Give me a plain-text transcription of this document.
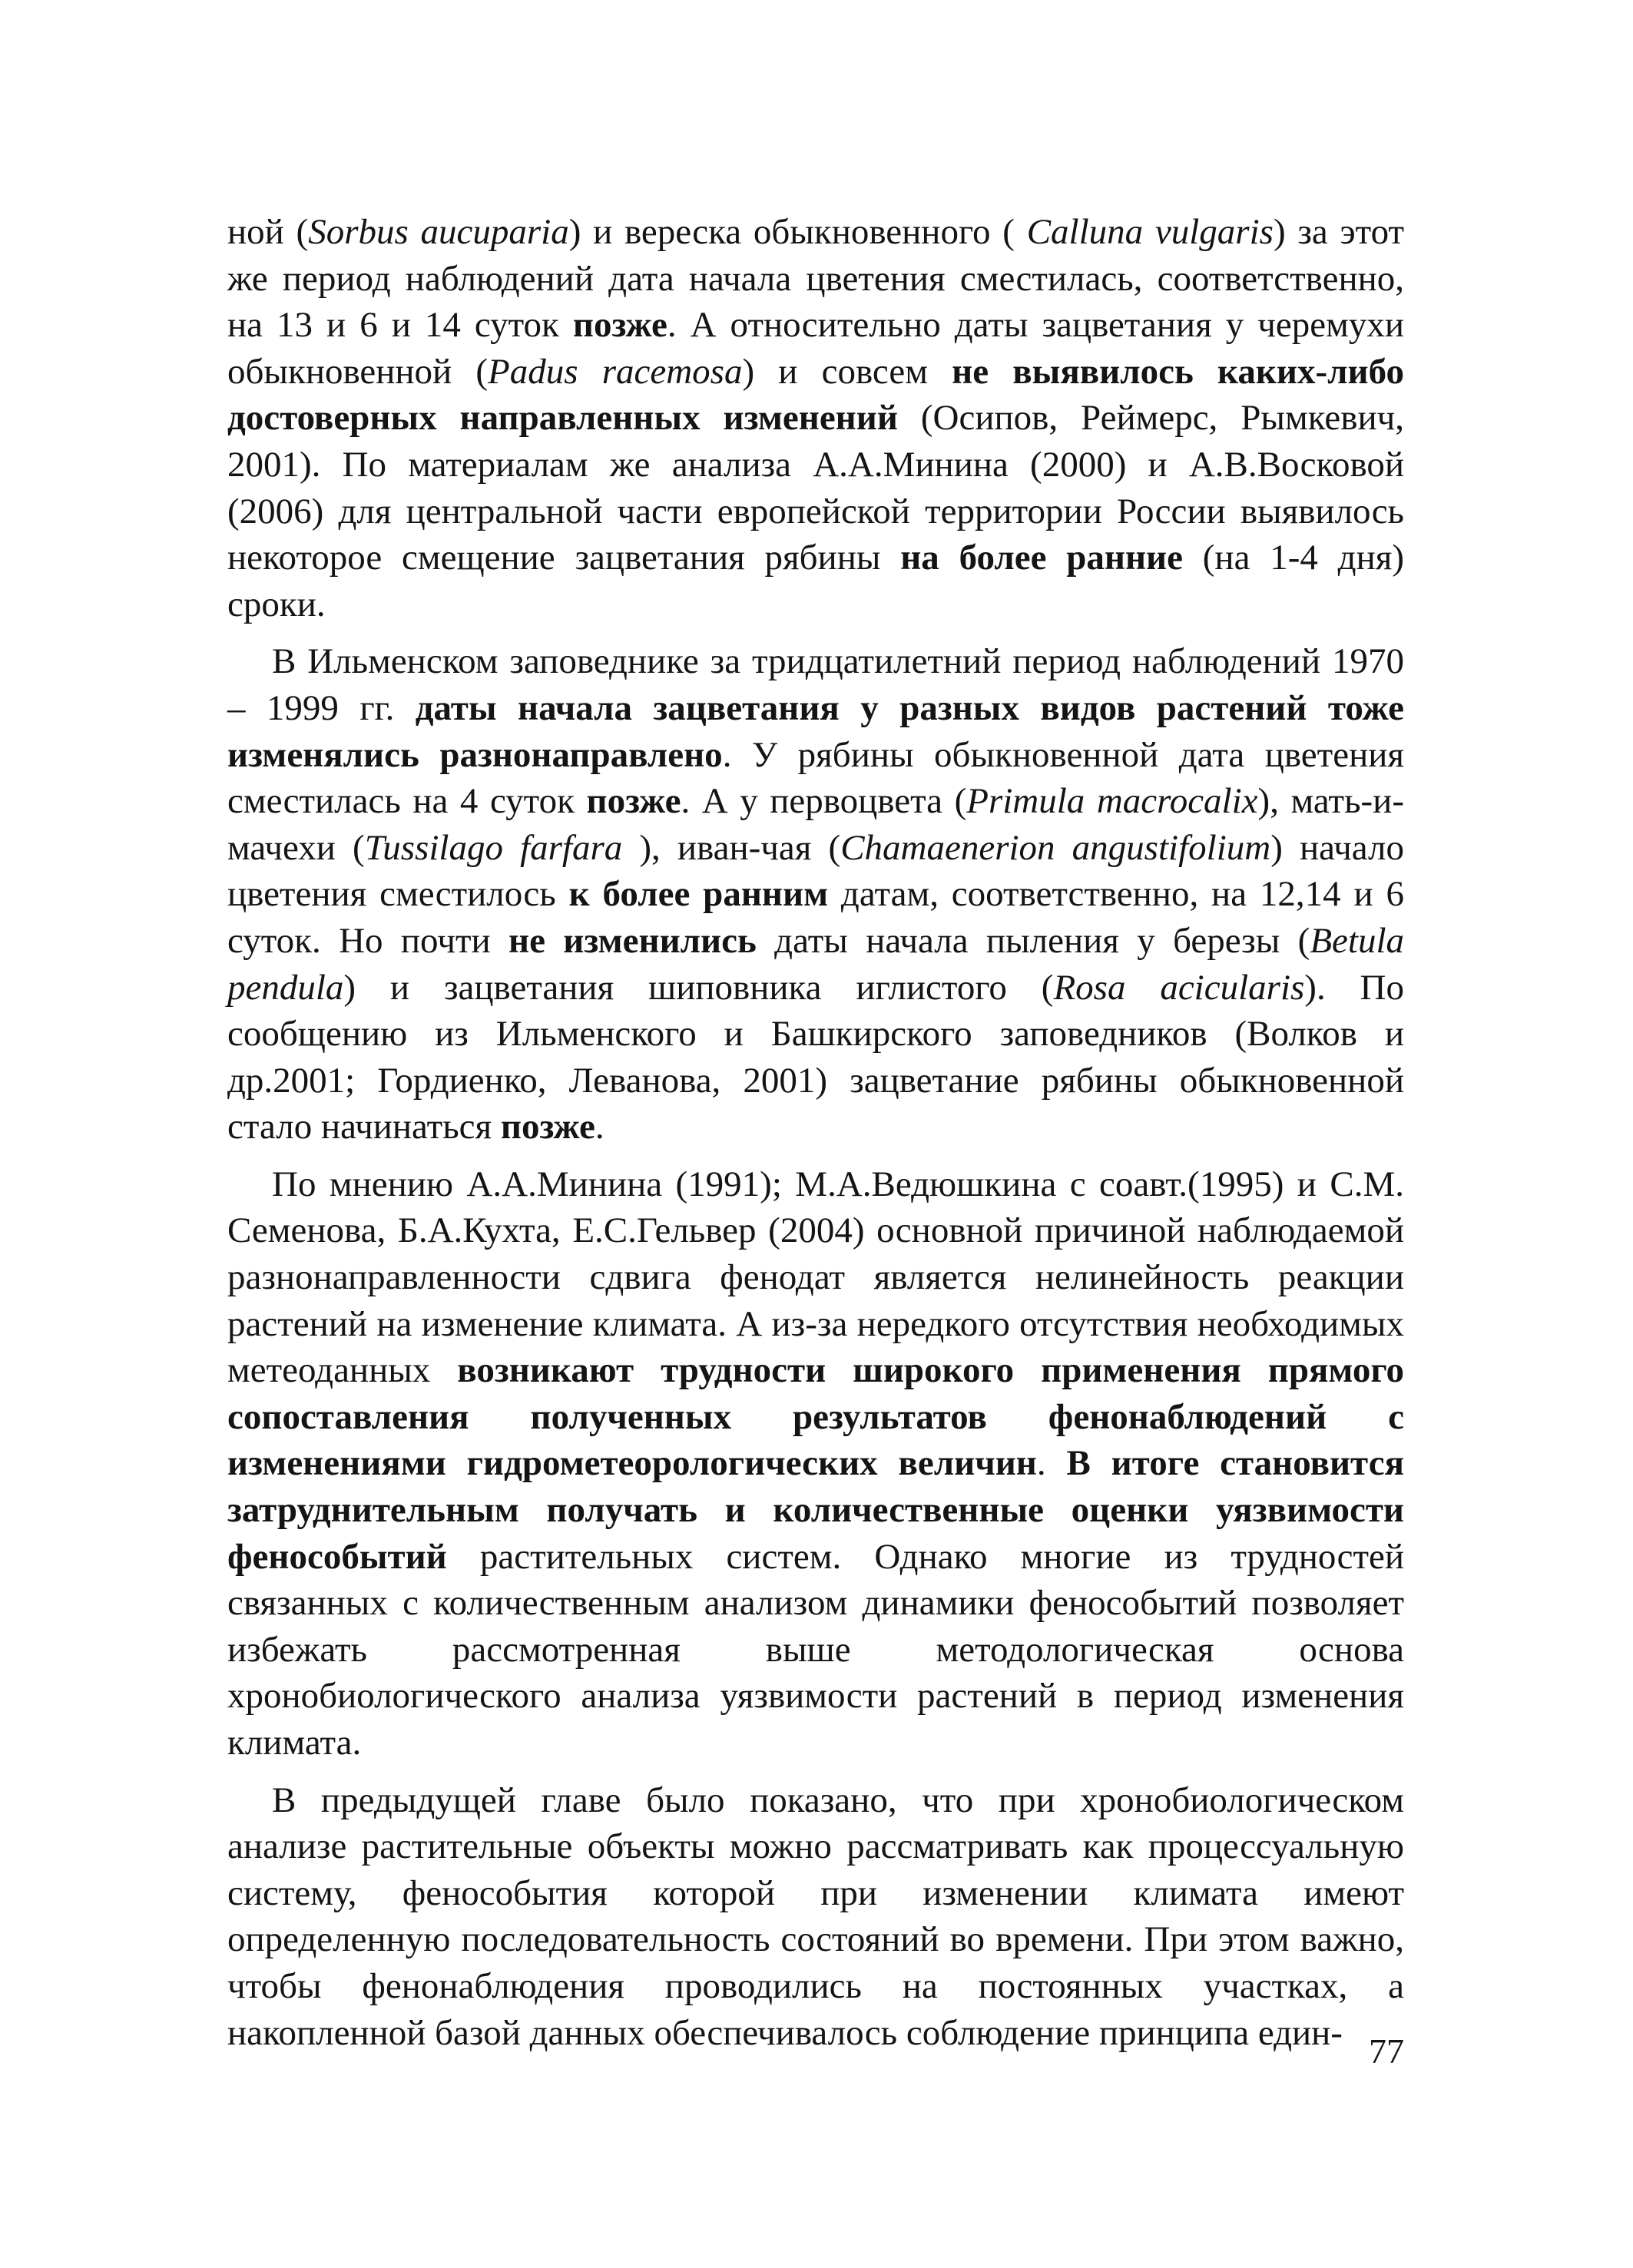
ной (Sorbus aucuparia) и вереска обыкновенного ( Calluna vulgaris) за этот же период наблюдений дата начала цветения сместилась, соответственно, на 13 и 6 и 14 суток позже. А относительно даты зацветания у черемухи обыкновенной (Padus racemosa) и совсем не выявилось каких-либо достоверных направленных изменений (Осипов, Реймерс, Рымкевич, 2001). По материалам же анализа А.А.Минина (2000) и А.В.Восковой (2006) для центральной части европейской территории России выявилось некоторое смещение зацветания рябины на более ранние (на 1-4 дня) сроки.

В Ильменском заповеднике за тридцатилетний период наблюдений 1970 – 1999 гг. даты начала зацветания у разных видов растений тоже изменялись разнонаправлено. У рябины обыкновенной дата цветения сместилась на 4 суток позже. А у первоцвета (Primula macrocalix), мать-и-мачехи (Tussilago farfara ), иван-чая (Chamaenerion angustifolium) начало цветения сместилось к более ранним датам, соответственно, на 12,14 и 6 суток. Но почти не изменились даты начала пыления у березы (Betula pendula) и зацветания шиповника иглистого (Rosa acicularis). По сообщению из Ильменского и Башкирского заповедников (Волков и др.2001; Гордиенко, Леванова, 2001) зацветание рябины обыкновенной стало начинаться позже.

По мнению А.А.Минина (1991); М.А.Ведюшкина с соавт.(1995) и С.М. Семенова, Б.А.Кухта, Е.С.Гельвер (2004) основной причиной наблюдаемой разнонаправленности сдвига фенодат является нелинейность реакции растений на изменение климата. А из-за нередкого отсутствия необходимых метеоданных возникают трудности широкого применения прямого сопоставления полученных результатов фенонаблюдений с изменениями гидрометеорологических величин. В итоге становится затруднительным получать и количественные оценки уязвимости феноcобытий растительных систем. Однако многие из трудностей связанных с количественным анализом динамики феноcобытий позволяет избежать рассмотренная выше методологическая основа хронобиологического анализа уязвимости растений в период изменения климата.

В предыдущей главе было показано, что при хронобиологическом анализе растительные объекты можно рассматривать как процессуальную систему, феноcобытия которой при изменении климата имеют определенную последовательность состояний во времени. При этом важно, чтобы фенонаблюдения проводились на постоянных участках, а накопленной базой данных обеспечивалось соблюдение принципа един- 77
